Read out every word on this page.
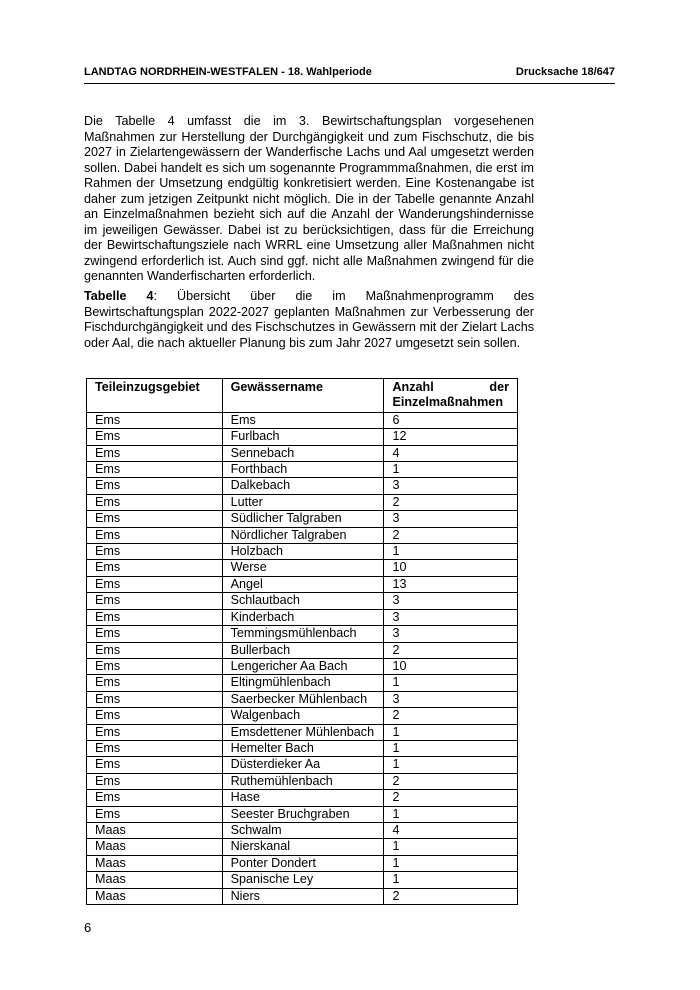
LANDTAG NORDRHEIN-WESTFALEN - 18. Wahlperiode	Drucksache 18/647

Die Tabelle 4 umfasst die im 3. Bewirtschaftungsplan vorgesehenen Maßnahmen zur Herstellung der Durchgängigkeit und zum Fischschutz, die bis 2027 in Zielartengewässern der Wanderfische Lachs und Aal umgesetzt werden sollen. Dabei handelt es sich um sogenannte Programmmaßnahmen, die erst im Rahmen der Umsetzung endgültig konkretisiert werden. Eine Kostenangabe ist daher zum jetzigen Zeitpunkt nicht möglich. Die in der Tabelle genannte Anzahl an Einzelmaßnahmen bezieht sich auf die Anzahl der Wanderungshindernisse im jeweiligen Gewässer. Dabei ist zu berücksichtigen, dass für die Erreichung der Bewirtschaftungsziele nach WRRL eine Umsetzung aller Maßnahmen nicht zwingend erforderlich ist. Auch sind ggf. nicht alle Maßnahmen zwingend für die genannten Wanderfischarten erforderlich.

Tabelle 4: Übersicht über die im Maßnahmenprogramm des Bewirtschaftungsplan 2022-2027 geplanten Maßnahmen zur Verbesserung der Fischdurchgängigkeit und des Fischschutzes in Gewässern mit der Zielart Lachs oder Aal, die nach aktueller Planung bis zum Jahr 2027 umgesetzt sein sollen.

Teileinzugsgebiet	Gewässername	Anzahl der
Einzelmaßnahmen

Ems	Ems	6
Ems	Furlbach	12
Ems	Sennebach	4
Ems	Forthbach	1
Ems	Dalkebach	3
Ems	Lutter	2
Ems	Südlicher Talgraben	3
Ems	Nördlicher Talgraben	2
Ems	Holzbach	1
Ems	Werse	10
Ems	Angel	13
Ems	Schlautbach	3
Ems	Kinderbach	3
Ems	Temmingsmühlenbach	3
Ems	Bullerbach	2
Ems	Lengericher Aa Bach	10
Ems	Eltingmühlenbach	1
Ems	Saerbecker Mühlenbach	3
Ems	Walgenbach	2
Ems	Emsdettener Mühlenbach	1
Ems	Hemelter Bach	1
Ems	Düsterdieker Aa	1
Ems	Ruthemühlenbach	2
Ems	Hase	2
Ems	Seester Bruchgraben	1
Maas	Schwalm	4
Maas	Nierskanal	1
Maas	Ponter Dondert	1
Maas	Spanische Ley	1
Maas	Niers	2
6
